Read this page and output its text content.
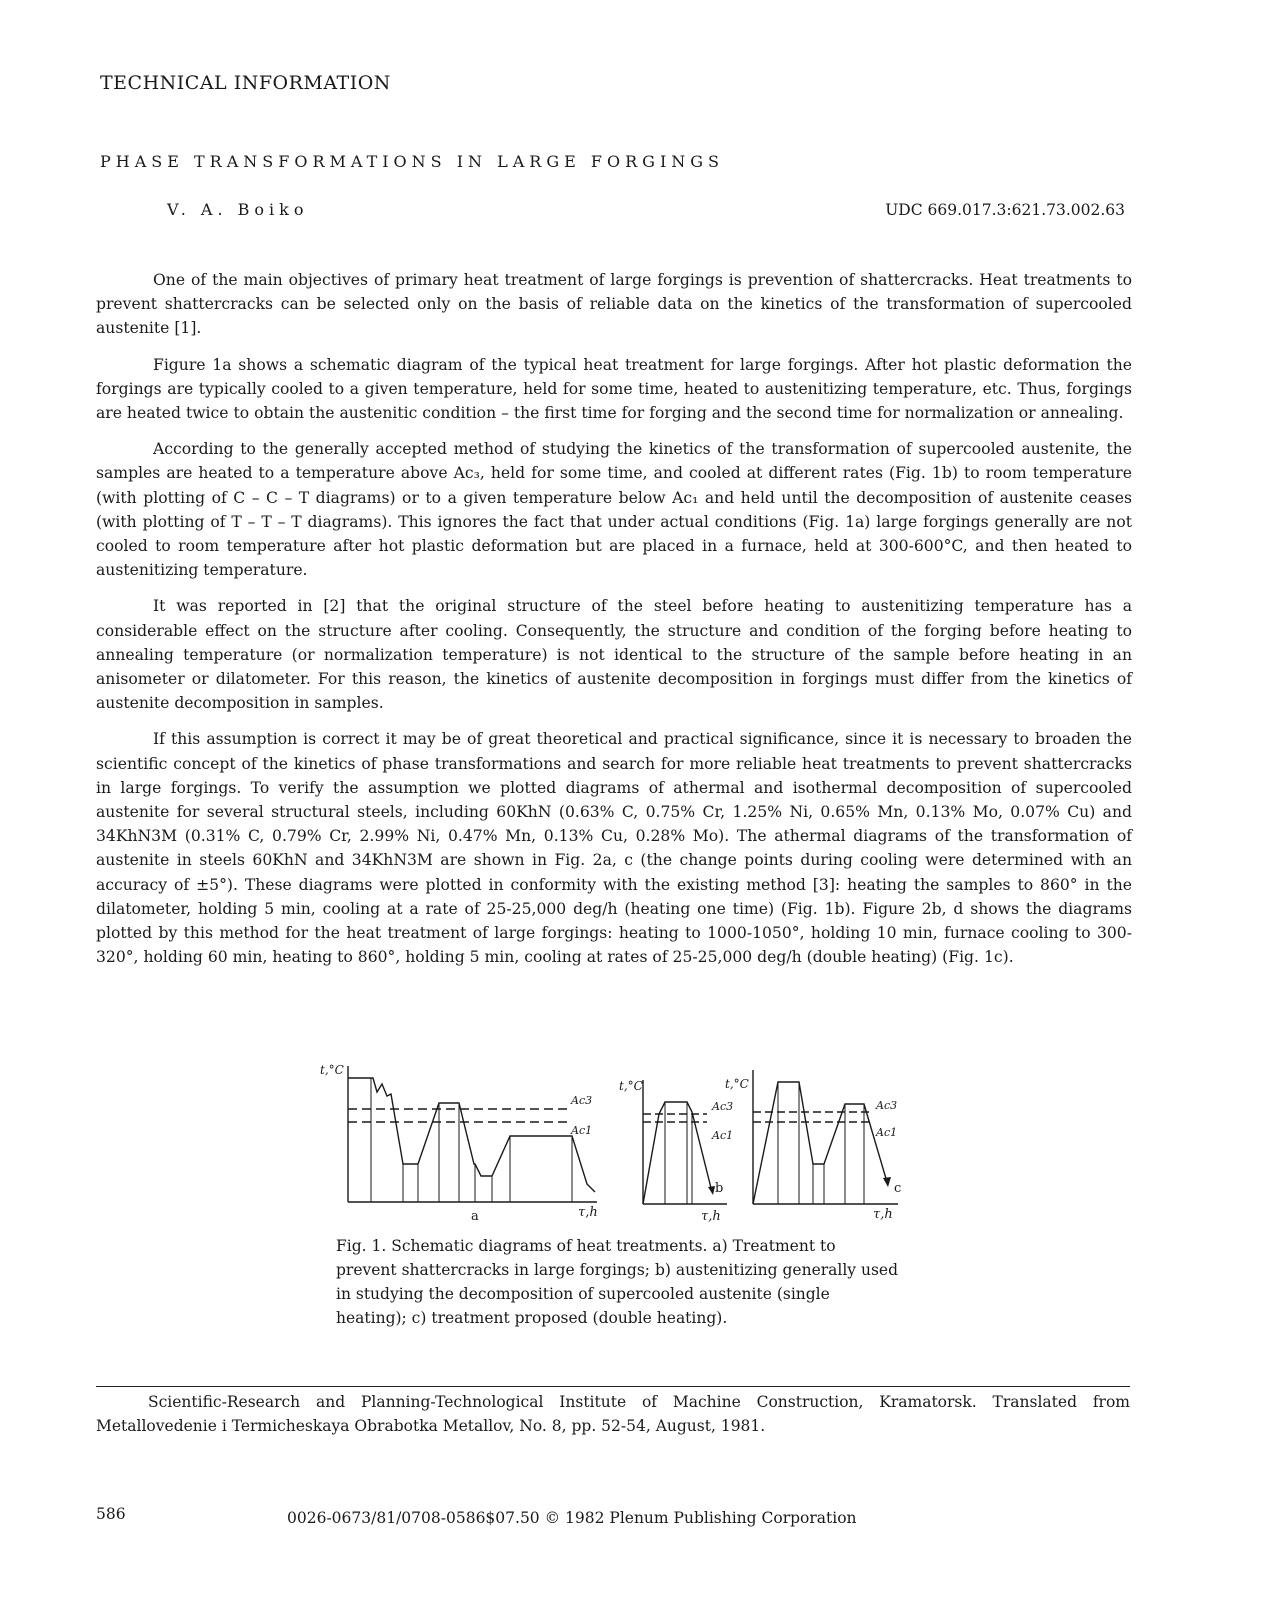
TECHNICAL INFORMATION
PHASE TRANSFORMATIONS IN LARGE FORGINGS
V. A. Boiko	UDC 669.017.3:621.73.002.63

One of the main objectives of primary heat treatment of large forgings is prevention of shattercracks. Heat treatments to prevent shattercracks can be selected only on the basis of reliable data on the kinetics of the transformation of supercooled austenite [1].

Figure 1a shows a schematic diagram of the typical heat treatment for large forgings. After hot plastic deformation the forgings are typically cooled to a given temperature, held for some time, heated to austenitizing temperature, etc. Thus, forgings are heated twice to obtain the austenitic condition – the first time for forging and the second time for normalization or annealing.

According to the generally accepted method of studying the kinetics of the transformation of supercooled austenite, the samples are heated to a temperature above Ac₃, held for some time, and cooled at different rates (Fig. 1b) to room temperature (with plotting of C – C – T diagrams) or to a given temperature below Ac₁ and held until the decomposition of austenite ceases (with plotting of T – T – T diagrams). This ignores the fact that under actual conditions (Fig. 1a) large forgings generally are not cooled to room temperature after hot plastic deformation but are placed in a furnace, held at 300-600°C, and then heated to austenitizing temperature.

It was reported in [2] that the original structure of the steel before heating to austenitizing temperature has a considerable effect on the structure after cooling. Consequently, the structure and condition of the forging before heating to annealing temperature (or normalization temperature) is not identical to the structure of the sample before heating in an anisometer or dilatometer. For this reason, the kinetics of austenite decomposition in forgings must differ from the kinetics of austenite decomposition in samples.

If this assumption is correct it may be of great theoretical and practical significance, since it is necessary to broaden the scientific concept of the kinetics of phase transformations and search for more reliable heat treatments to prevent shattercracks in large forgings. To verify the assumption we plotted diagrams of athermal and isothermal decomposition of supercooled austenite for several structural steels, including 60KhN (0.63% C, 0.75% Cr, 1.25% Ni, 0.65% Mn, 0.13% Mo, 0.07% Cu) and 34KhN3M (0.31% C, 0.79% Cr, 2.99% Ni, 0.47% Mn, 0.13% Cu, 0.28% Mo). The athermal diagrams of the transformation of austenite in steels 60KhN and 34KhN3M are shown in Fig. 2a, c (the change points during cooling were determined with an accuracy of ±5°). These diagrams were plotted in conformity with the existing method [3]: heating the samples to 860° in the dilatometer, holding 5 min, cooling at a rate of 25-25,000 deg/h (heating one time) (Fig. 1b). Figure 2b, d shows the diagrams plotted by this method for the heat treatment of large forgings: heating to 1000-1050°, holding 10 min, furnace cooling to 300-320°, holding 60 min, heating to 860°, holding 5 min, cooling at rates of 25-25,000 deg/h (double heating) (Fig. 1c).

t,°C
Ac3
Ac1
a	τ,h
t,°C
Ac3
Ac1
b
τ,h
t,°C
Ac3
Ac1
c
τ,h
Fig. 1. Schematic diagrams of heat treatments. a) Treatment to prevent shattercracks in large forgings; b) austenitizing generally used in studying the decomposition of supercooled austenite (single heating); c) treatment proposed (double heating).
Scientific-Research and Planning-Technological Institute of Machine Construction, Kramatorsk. Translated from Metallovedenie i Termicheskaya Obrabotka Metallov, No. 8, pp. 52-54, August, 1981.
586	0026-0673/81/0708-0586$07.50 © 1982 Plenum Publishing Corporation
